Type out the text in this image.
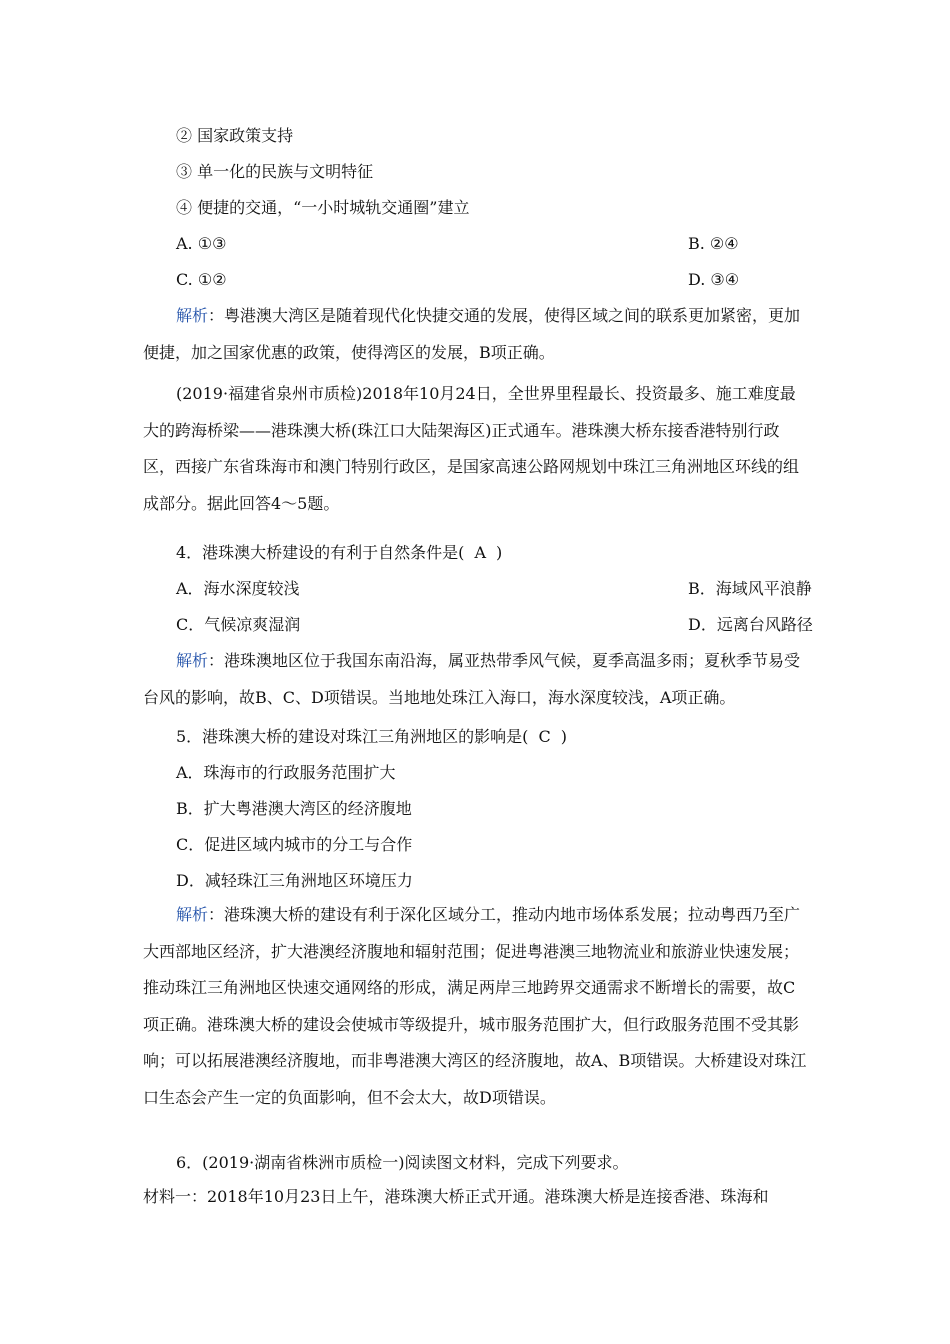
② 国家政策支持
③ 单一化的民族与文明特征
④ 便捷的交通，“一小时城轨交通圈”建立
A. ①③	B. ②④
C. ①②	D. ③④
解析：粤港澳大湾区是随着现代化快捷交通的发展，使得区域之间的联系更加紧密，更加便捷，加之国家优惠的政策，使得湾区的发展，B项正确。
(2019·福建省泉州市质检)2018年10月24日，全世界里程最长、投资最多、施工难度最大的跨海桥梁——港珠澳大桥(珠江口大陆架海区)正式通车。港珠澳大桥东接香港特别行政区，西接广东省珠海市和澳门特别行政区，是国家高速公路网规划中珠江三角洲地区环线的组成部分。据此回答4～5题。
4．港珠澳大桥建设的有利于自然条件是( A )
A．海水深度较浅	B．海域风平浪静
C．气候凉爽湿润	D．远离台风路径
解析：港珠澳地区位于我国东南沿海，属亚热带季风气候，夏季高温多雨；夏秋季节易受台风的影响，故B、C、D项错误。当地地处珠江入海口，海水深度较浅，A项正确。
5．港珠澳大桥的建设对珠江三角洲地区的影响是( C )
A．珠海市的行政服务范围扩大
B．扩大粤港澳大湾区的经济腹地
C．促进区域内城市的分工与合作
D．减轻珠江三角洲地区环境压力
解析：港珠澳大桥的建设有利于深化区域分工，推动内地市场体系发展；拉动粤西乃至广大西部地区经济，扩大港澳经济腹地和辐射范围；促进粤港澳三地物流业和旅游业快速发展；推动珠江三角洲地区快速交通网络的形成，满足两岸三地跨界交通需求不断增长的需要，故C项正确。港珠澳大桥的建设会使城市等级提升，城市服务范围扩大，但行政服务范围不受其影响；可以拓展港澳经济腹地，而非粤港澳大湾区的经济腹地，故A、B项错误。大桥建设对珠江口生态会产生一定的负面影响，但不会太大，故D项错误。
6．(2019·湖南省株洲市质检一)阅读图文材料，完成下列要求。
材料一：2018年10月23日上午，港珠澳大桥正式开通。港珠澳大桥是连接香港、珠海和
